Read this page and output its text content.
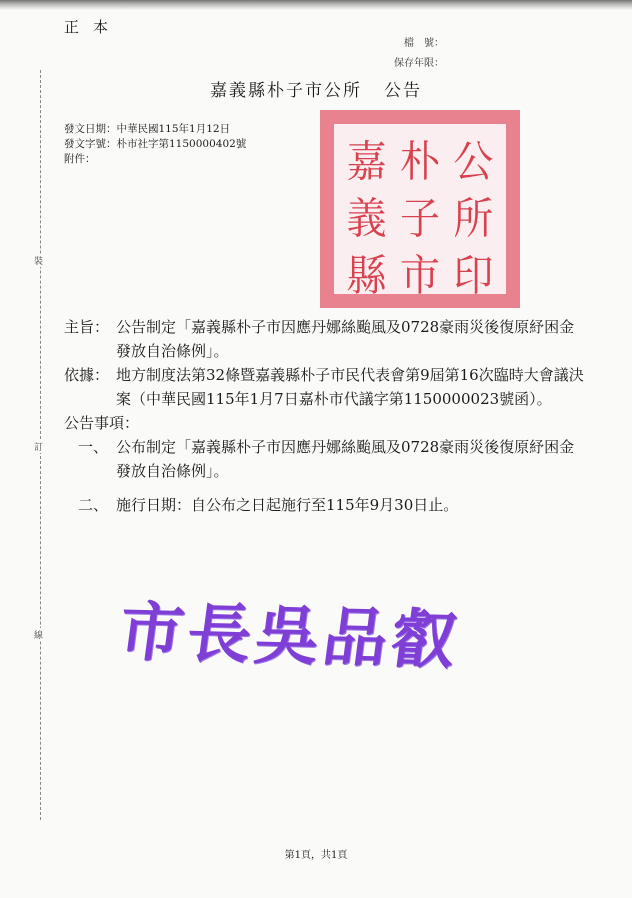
正本
檔　號：
保存年限：
嘉義縣朴子市公所 公告
發文日期：中華民國115年1月12日
發文字號：朴市社字第1150000402號
附件：	嘉 朴 公
義 子 所
縣 市 印
裝
訂
線
主旨： 公告制定「嘉義縣朴子市因應丹娜絲颱風及0728豪雨災後復原紓困金發放自治條例」。
依據： 地方制度法第32條暨嘉義縣朴子市民代表會第9屆第16次臨時大會議決案（中華民國115年1月7日嘉朴市代議字第1150000023號函）。
公告事項：
一、 公布制定「嘉義縣朴子市因應丹娜絲颱風及0728豪雨災後復原紓困金發放自治條例」。
二、 施行日期：自公布之日起施行至115年9月30日止。
市長吳品叡
第1頁，共1頁
